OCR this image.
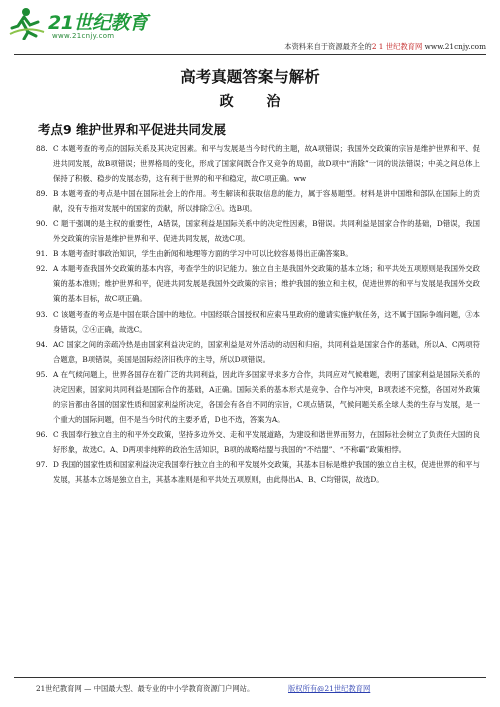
21世纪教育
www.21cnjy.com
本资料来自于资源最齐全的2 1 世纪教育网 www.21cnjy.com
高考真题答案与解析
政 治
考点9 维护世界和平促进共同发展
88. C 本题考查的考点的国际关系及其决定因素。和平与发展是当今时代的主题，故A项错误；我国外交政策的宗旨是维护世界和平、促进共同发展，故B项错误；世界格局的变化，形成了国家间既合作又竞争的局面，故D项中“消除”一词的说法错误；中美之间总体上保持了积极、稳步的发展态势，这有利于世界的和平和稳定，故C项正确。ww
89. B 本题考查的考点是中国在国际社会上的作用。考生解读和获取信息的能力，属于容易题型。材料是讲中国维和部队在国际上的贡献，没有专指对发展中的国家的贡献，所以排除②④。选B项。
90. C 题干强调的是主权的重要性，A错误，国家利益是国际关系中的决定性因素，B错误。共同利益是国家合作的基础，D错误，我国外交政策的宗旨是维护世界和平、促进共同发展，故选C项。
91. B 本题考查时事政治知识，学生由新闻和地理等方面的学习中可以比较容易得出正确答案B。
92. A 本题考查我国外交政策的基本内容，考查学生的识记能力。独立自主是我国外交政策的基本立场；和平共处五项原则是我国外交政策的基本准则；维护世界和平，促进共同发展是我国外交政策的宗旨；维护我国的独立和主权，促进世界的和平与发展是我国外交政策的基本目标，故C项正确。
93. C 该题考查的考点是中国在联合国中的地位。中国经联合国授权和应索马里政府的邀请实施护航任务，这不属于国际争端问题，③本身错误，②④正确，故选C。
94. AC 国家之间的亲疏冷热是由国家利益决定的，国家利益是对外活动的动因和归宿，共同利益是国家合作的基础，所以A、C两项符合题意，B项错误，美国是国际经济旧秩序的主导，所以D项错误。
95. A 在气候问题上，世界各国存在着广泛的共同利益，因此许多国家寻求多方合作，共同应对气候难题，表明了国家利益是国际关系的决定因素，国家间共同利益是国际合作的基础，A正确。国际关系的基本形式是竞争、合作与冲突，B项表述不完整，各国对外政策的宗旨都由各国的国家性质和国家利益所决定，各国会有各自不同的宗旨，C项点错误，气候问题关系全球人类的生存与发展，是一个重大的国际问题，但不是当今时代的主要矛盾，D也不选，答案为A。
96. C 我国奉行独立自主的和平外交政策，坚持多边外交、走和平发展道路，为建设和谐世界而努力，在国际社会树立了负责任大国的良好形象，故选C。A、D两项非纯粹的政治生活知识，B项的战略结盟与我国的“不结盟”、“不称霸”政策相悖。
97. D 我国的国家性质和国家利益决定我国奉行独立自主的和平发展外交政策，其基本目标是维护我国的独立自主权，促进世界的和平与发展，其基本立场是独立自主，其基本准则是和平共处五项原则，由此得出A、B、C均错误，故选D。
21世纪教育网 — 中国最大型、最专业的中小学教育资源门户网站。	版权所有@21世纪教育网
